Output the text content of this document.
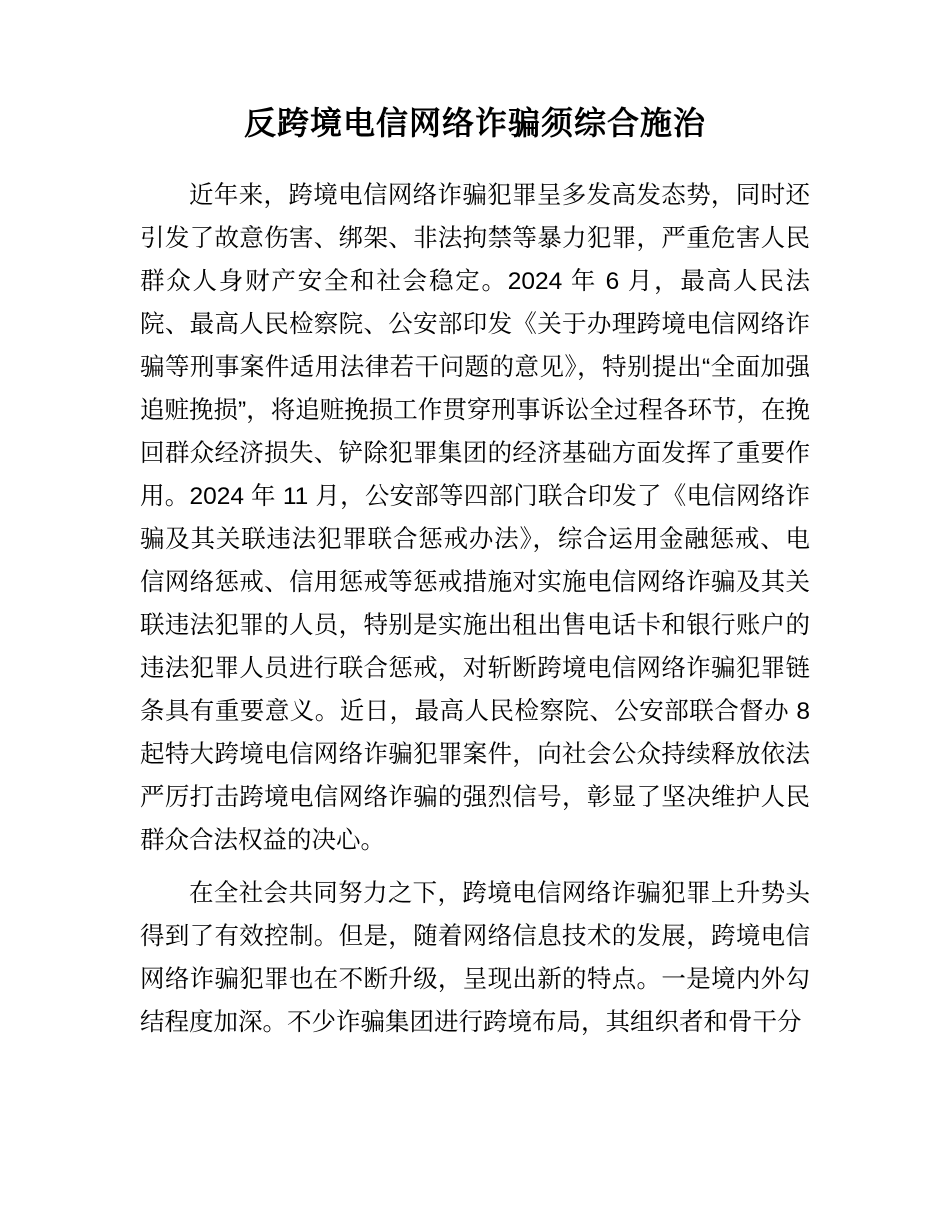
反跨境电信网络诈骗须综合施治

近年来，跨境电信网络诈骗犯罪呈多发高发态势，同时还引发了故意伤害、绑架、非法拘禁等暴力犯罪，严重危害人民群众人身财产安全和社会稳定。2024 年 6 月，最高人民法院、最高人民检察院、公安部印发《关于办理跨境电信网络诈骗等刑事案件适用法律若干问题的意见》，特别提出“全面加强追赃挽损”，将追赃挽损工作贯穿刑事诉讼全过程各环节，在挽回群众经济损失、铲除犯罪集团的经济基础方面发挥了重要作用。2024 年 11 月，公安部等四部门联合印发了《电信网络诈骗及其关联违法犯罪联合惩戒办法》，综合运用金融惩戒、电信网络惩戒、信用惩戒等惩戒措施对实施电信网络诈骗及其关联违法犯罪的人员，特别是实施出租出售电话卡和银行账户的违法犯罪人员进行联合惩戒，对斩断跨境电信网络诈骗犯罪链条具有重要意义。近日，最高人民检察院、公安部联合督办 8 起特大跨境电信网络诈骗犯罪案件，向社会公众持续释放依法严厉打击跨境电信网络诈骗的强烈信号，彰显了坚决维护人民群众合法权益的决心。

在全社会共同努力之下，跨境电信网络诈骗犯罪上升势头得到了有效控制。但是，随着网络信息技术的发展，跨境电信网络诈骗犯罪也在不断升级，呈现出新的特点。一是境内外勾结程度加深。不少诈骗集团进行跨境布局，其组织者和骨干分
